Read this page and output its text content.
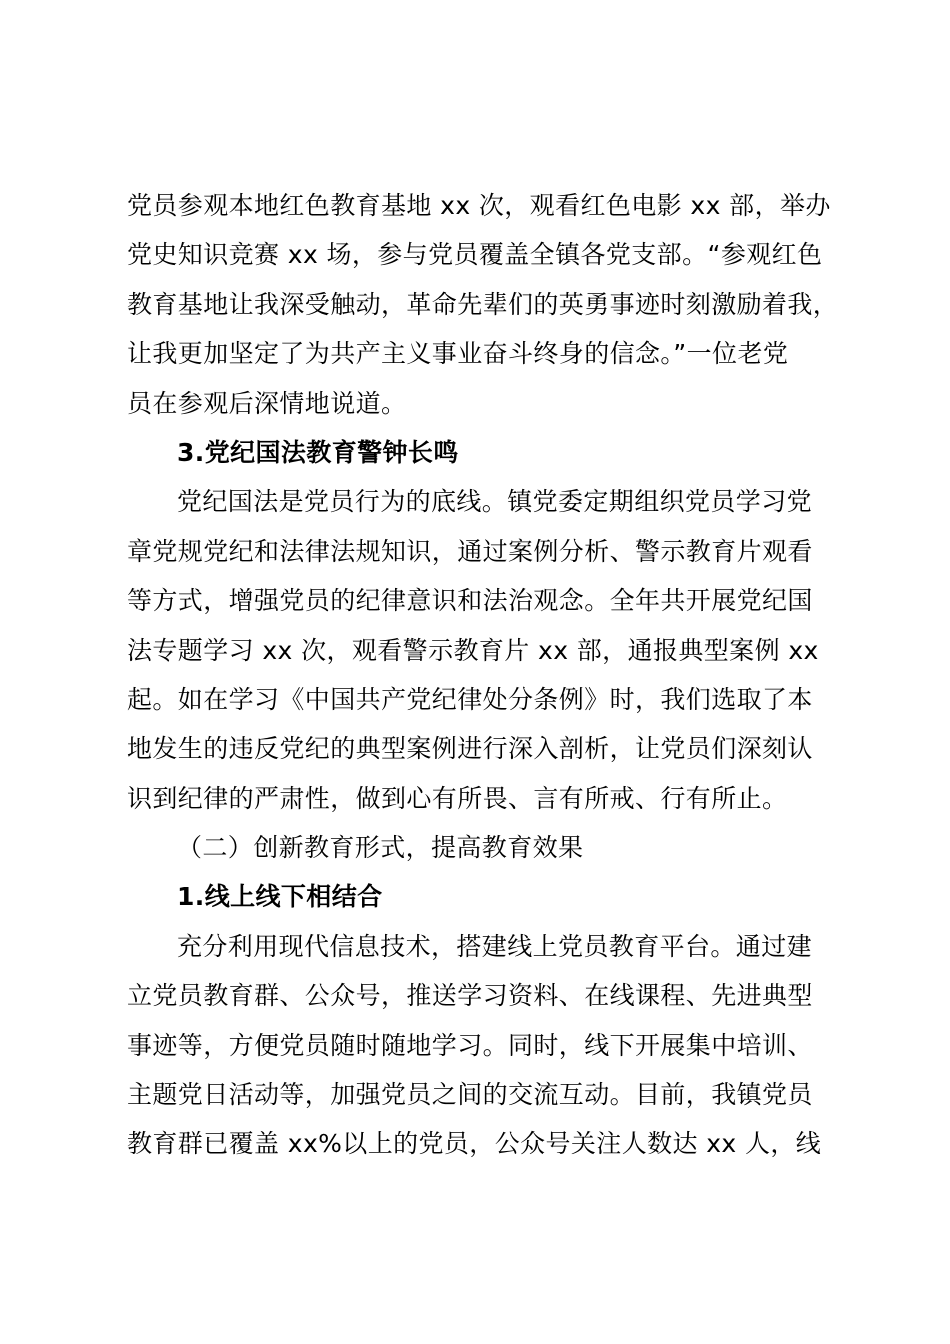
党员参观本地红色教育基地 xx 次，观看红色电影 xx 部，举办
党史知识竞赛 xx 场，参与党员覆盖全镇各党支部。“参观红色
教育基地让我深受触动，革命先辈们的英勇事迹时刻激励着我，
让我更加坚定了为共产主义事业奋斗终身的信念。”一位老党
员在参观后深情地说道。
3.党纪国法教育警钟长鸣
党纪国法是党员行为的底线。镇党委定期组织党员学习党
章党规党纪和法律法规知识，通过案例分析、警示教育片观看
等方式，增强党员的纪律意识和法治观念。全年共开展党纪国
法专题学习 xx 次，观看警示教育片 xx 部，通报典型案例 xx
起。如在学习《中国共产党纪律处分条例》时，我们选取了本
地发生的违反党纪的典型案例进行深入剖析，让党员们深刻认
识到纪律的严肃性，做到心有所畏、言有所戒、行有所止。
（二）创新教育形式，提高教育效果
1.线上线下相结合
充分利用现代信息技术，搭建线上党员教育平台。通过建
立党员教育群、公众号，推送学习资料、在线课程、先进典型
事迹等，方便党员随时随地学习。同时，线下开展集中培训、
主题党日活动等，加强党员之间的交流互动。目前，我镇党员
教育群已覆盖 xx%以上的党员，公众号关注人数达 xx 人，线
